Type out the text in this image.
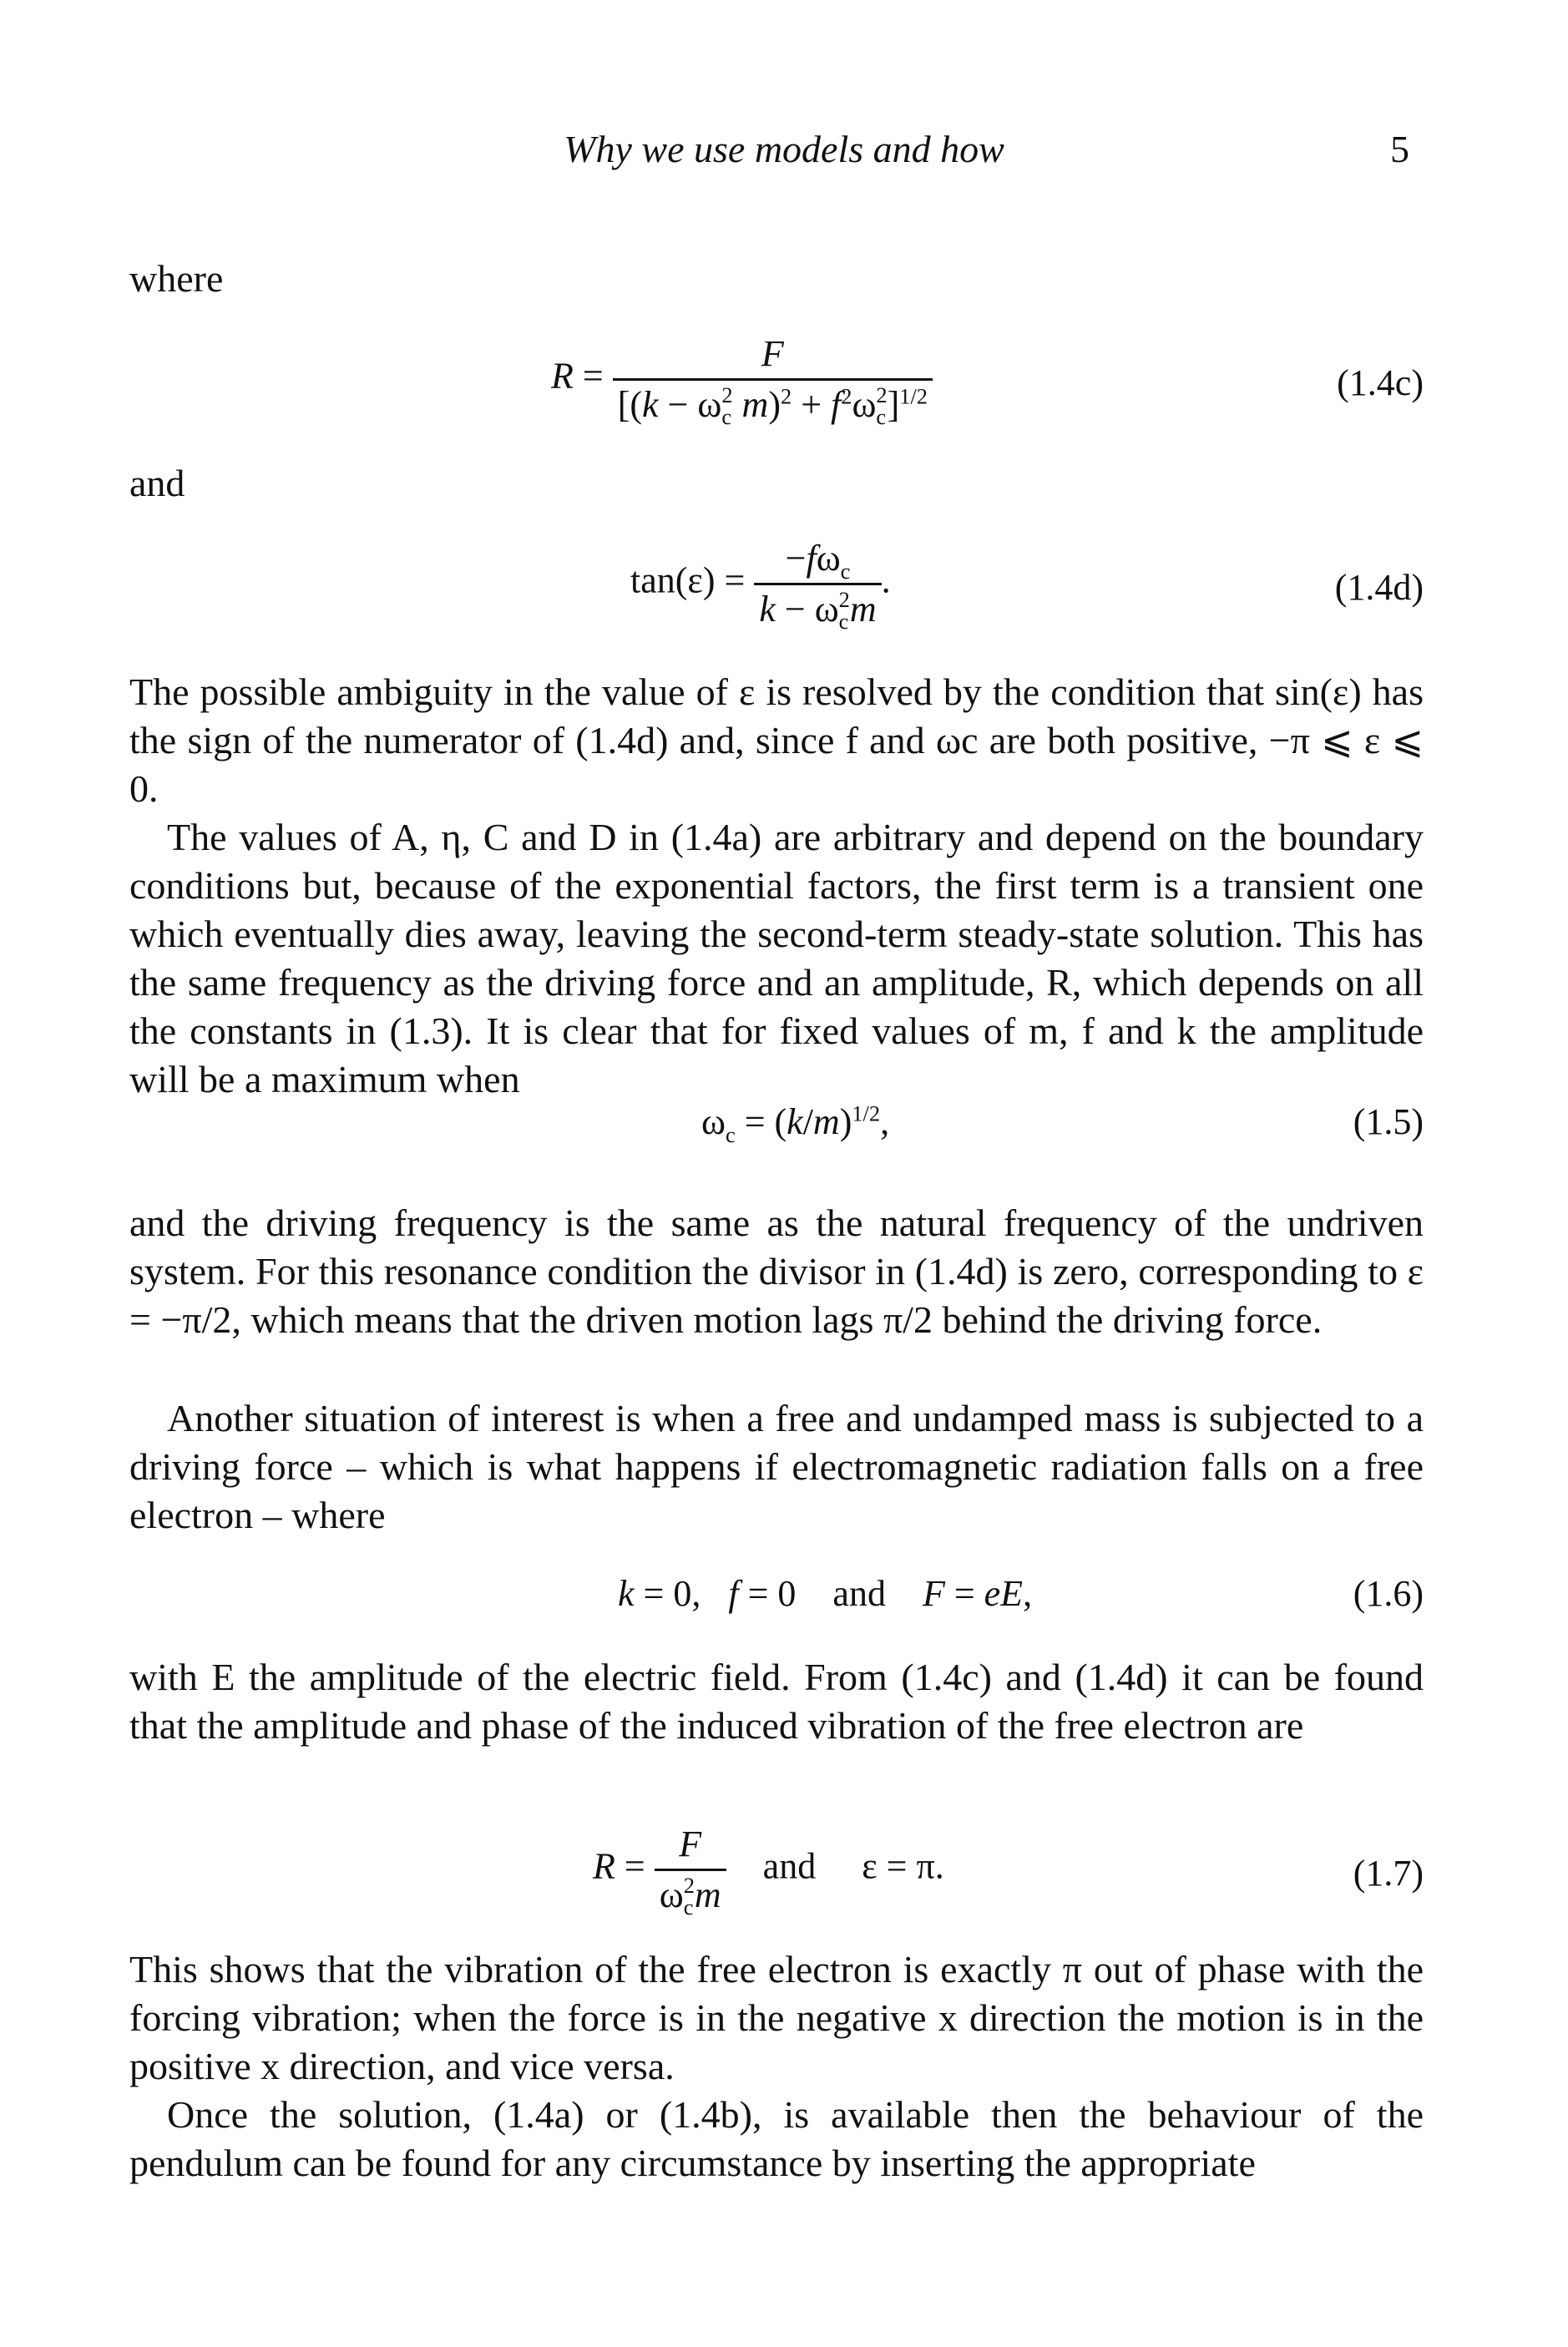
Why we use models and how	5
where
R = F
[(k − ω 2
c $m)^2 + f^2\omega$ 2
c ]$^{1/2}$	(1.4c)
and
$\tan(\varepsilon) = -f\omega_c$
k − ω 2
c m .	(1.4d)
The possible ambiguity in the value of ε is resolved by the condition that sin(ε) has the sign of the numerator of (1.4d) and, since f and ωc are both positive, −π ⩽ ε ⩽ 0.
The values of A, η, C and D in (1.4a) are arbitrary and depend on the boundary conditions but, because of the exponential factors, the first term is a transient one which eventually dies away, leaving the second-term steady-state solution. This has the same frequency as the driving force and an amplitude, R, which depends on all the constants in (1.3). It is clear that for fixed values of m, f and k the amplitude will be a maximum when
$\omega_c = (k/m)^{1/2}$,	(1.5)
and the driving frequency is the same as the natural frequency of the undriven system. For this resonance condition the divisor in (1.4d) is zero, corresponding to ε = −π/2, which means that the driven motion lags π/2 behind the driving force.
Another situation of interest is when a free and undamped mass is subjected to a driving force – which is what happens if electromagnetic radiation falls on a free electron – where
k = 0,   f = 0    and    F = eE,	(1.6)
with E the amplitude of the electric field. From (1.4c) and (1.4d) it can be found that the amplitude and phase of the induced vibration of the free electron are
R = F
ω 2
c m and     ε = π.	(1.7)
This shows that the vibration of the free electron is exactly π out of phase with the forcing vibration; when the force is in the negative x direction the motion is in the positive x direction, and vice versa.
Once the solution, (1.4a) or (1.4b), is available then the behaviour of the pendulum can be found for any circumstance by inserting the appropriate
